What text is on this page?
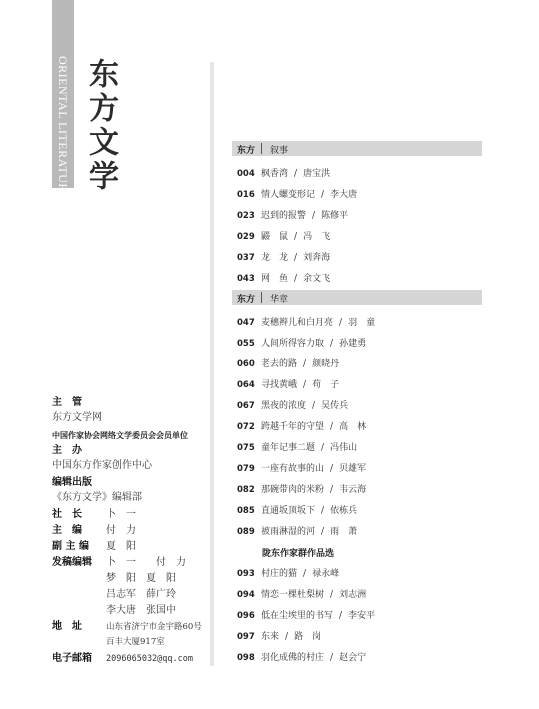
ORIENTAL LITERATURE 东方文学
主　管
东方文学网
中国作家协会网络文学委员会会员单位
主　办
中国东方作家创作中心
编辑出版
《东方文学》编辑部
社　长 卜　一
主　编 付　力
副 主 编 夏　阳
发稿编辑 卜　一　　付　力
梦　阳　夏　阳
吕志军　薛广玲
李大唐　张国中
地　址	山东省济宁市金宇路60号
百丰大厦917室
电子邮箱 2096065032@qq.com
东方 叙事
004 枫香湾 / 唐宝洪
016 情人螺变形记 / 李大唐
023 迟到的报警 / 陈修平
029 鼹　鼠 / 冯　飞
037 龙　龙 / 刘奔海
043 网　鱼 / 余文飞
东方 华章
047 麦穗辫儿和白月亮 / 羽　童
055 人间所得容力取 / 孙建勇
060 老去的路 / 颜晓丹
064 寻找黄峨 / 苟　子
067 黑夜的浓度 / 吴传兵
072 跨越千年的守望 / 高　林
075 童年记事二题 / 冯伟山
079 一座有故事的山 / 贝雄军
082 那碗带肉的米粉 / 韦云海
085 直通坂顶坂下 / 依栋兵
089 被雨淋湿的河 / 雨　萧
陇东作家群作品选
093 村庄的猫 / 禄永峰
094 情恋一棵杜梨树 / 刘志洲
096 低在尘埃里的书写 / 李安平
097 东来 / 路　岗
098 羽化成佛的村庄 / 赵会宁
